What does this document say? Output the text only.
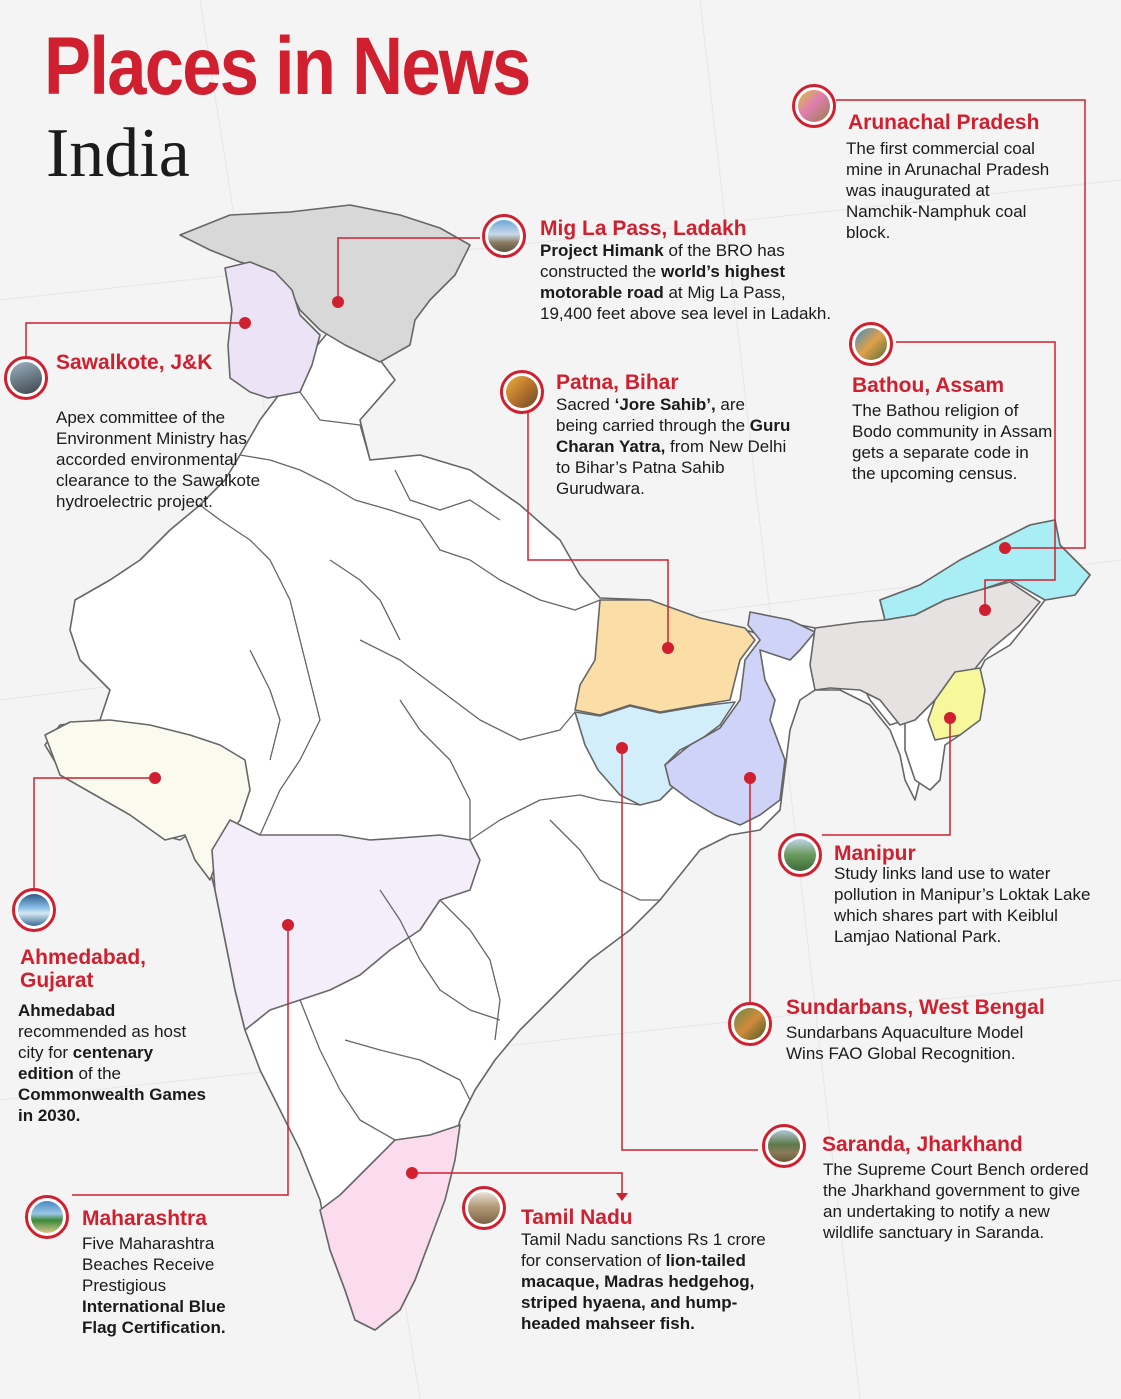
Places in News
India	Arunachal Pradesh

The first commercial coal mine in Arunachal Pradesh was inaugurated at Namchik-Namphuk coal block.

Mig La Pass, Ladakh

Project Himank of the BRO has constructed the world’s highest motorable road at Mig La Pass, 19,400 feet above sea level in Ladakh.

Sawalkote, J&K

Apex committee of the Environment Ministry has accorded environmental clearance to the Sawalkote hydroelectric project.

Patna, Bihar

Sacred ‘Jore Sahib’, are being carried through the Guru Charan Yatra, from New Delhi to Bihar’s Patna Sahib Gurudwara.

Bathou, Assam

The Bathou religion of Bodo community in Assam gets a separate code in the upcoming census.

Ahmedabad, Gujarat

Ahmedabad recommended as host city for centenary edition of the Commonwealth Games in 2030.

Manipur

Study links land use to water pollution in Manipur’s Loktak Lake which shares part with Keiblul Lamjao National Park.

Sundarbans, West Bengal

Sundarbans Aquaculture Model Wins FAO Global Recognition.

Saranda, Jharkhand

The Supreme Court Bench ordered the Jharkhand government to give an undertaking to notify a new wildlife sanctuary in Saranda.

Maharashtra

Five Maharashtra Beaches Receive Prestigious International Blue Flag Certification.

Tamil Nadu

Tamil Nadu sanctions Rs 1 crore for conservation of lion-tailed macaque, Madras hedgehog, striped hyaena, and hump-headed mahseer fish.
